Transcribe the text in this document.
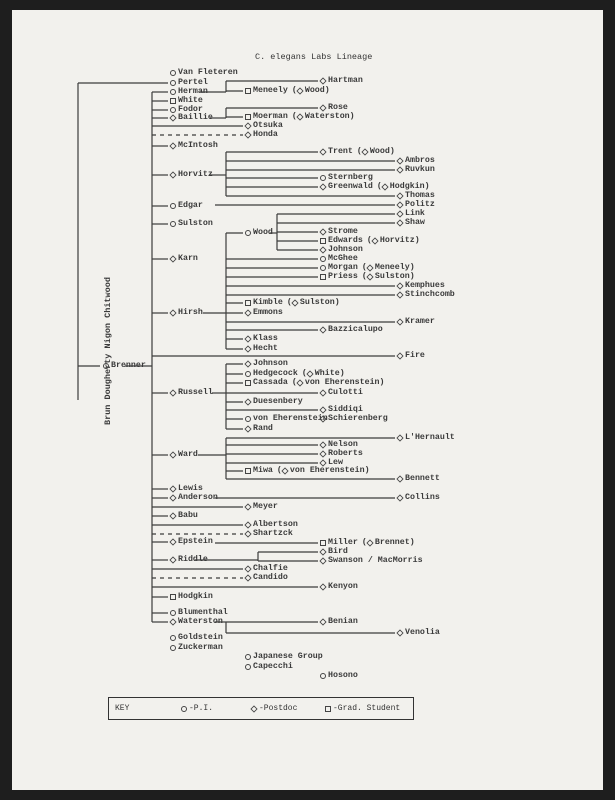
C. elegans Labs Lineage
Brun Dougherty Nigon Chitwood
Van Fleteren
Pertel
Herman
White
Fodor
Baillie
McIntosh
Horvitz
Edgar
Sulston
Karn
Hirsh
Russell
Ward
Lewis
Anderson
Babu
Epstein
Riddle
Hodgkin
Blumenthal
Waterston
Goldstein
Zuckerman
Brenner
Hartman
Meneely ( Wood )
Rose
Moerman ( Waterston )
Otsuka
Honda
Trent ( Wood )
Ambros
Ruvkun
Sternberg
Greenwald ( Hodgkin )
Thomas
Politz
Link
Shaw
Wood	Strome
Edwards ( Horvitz )
Johnson
McGhee
Morgan ( Meneely )
Priess ( Sulston )
Kemphues
Stinchcomb
Kimble ( Sulston )
Emmons
Kramer
Bazzicalupo
Klass
Hecht
Fire
Johnson
Hedgecock ( White )
Cassada ( von Eherenstein )
Culotti
Duesenbery
Siddiqi
von Eherenstein Schierenberg
Rand
L'Hernault
Nelson
Roberts
Lew
Miwa ( von Eherenstein )
Bennett
Collins
Meyer
Albertson
Shartzck
Miller ( Brennet )
Bird
Swanson / MacMorris
Chalfie
Candido
Kenyon
Benian
Venolia
Japanese Group
Capecchi
Hosono
KEY	-P.I.	-Postdoc	-Grad. Student
